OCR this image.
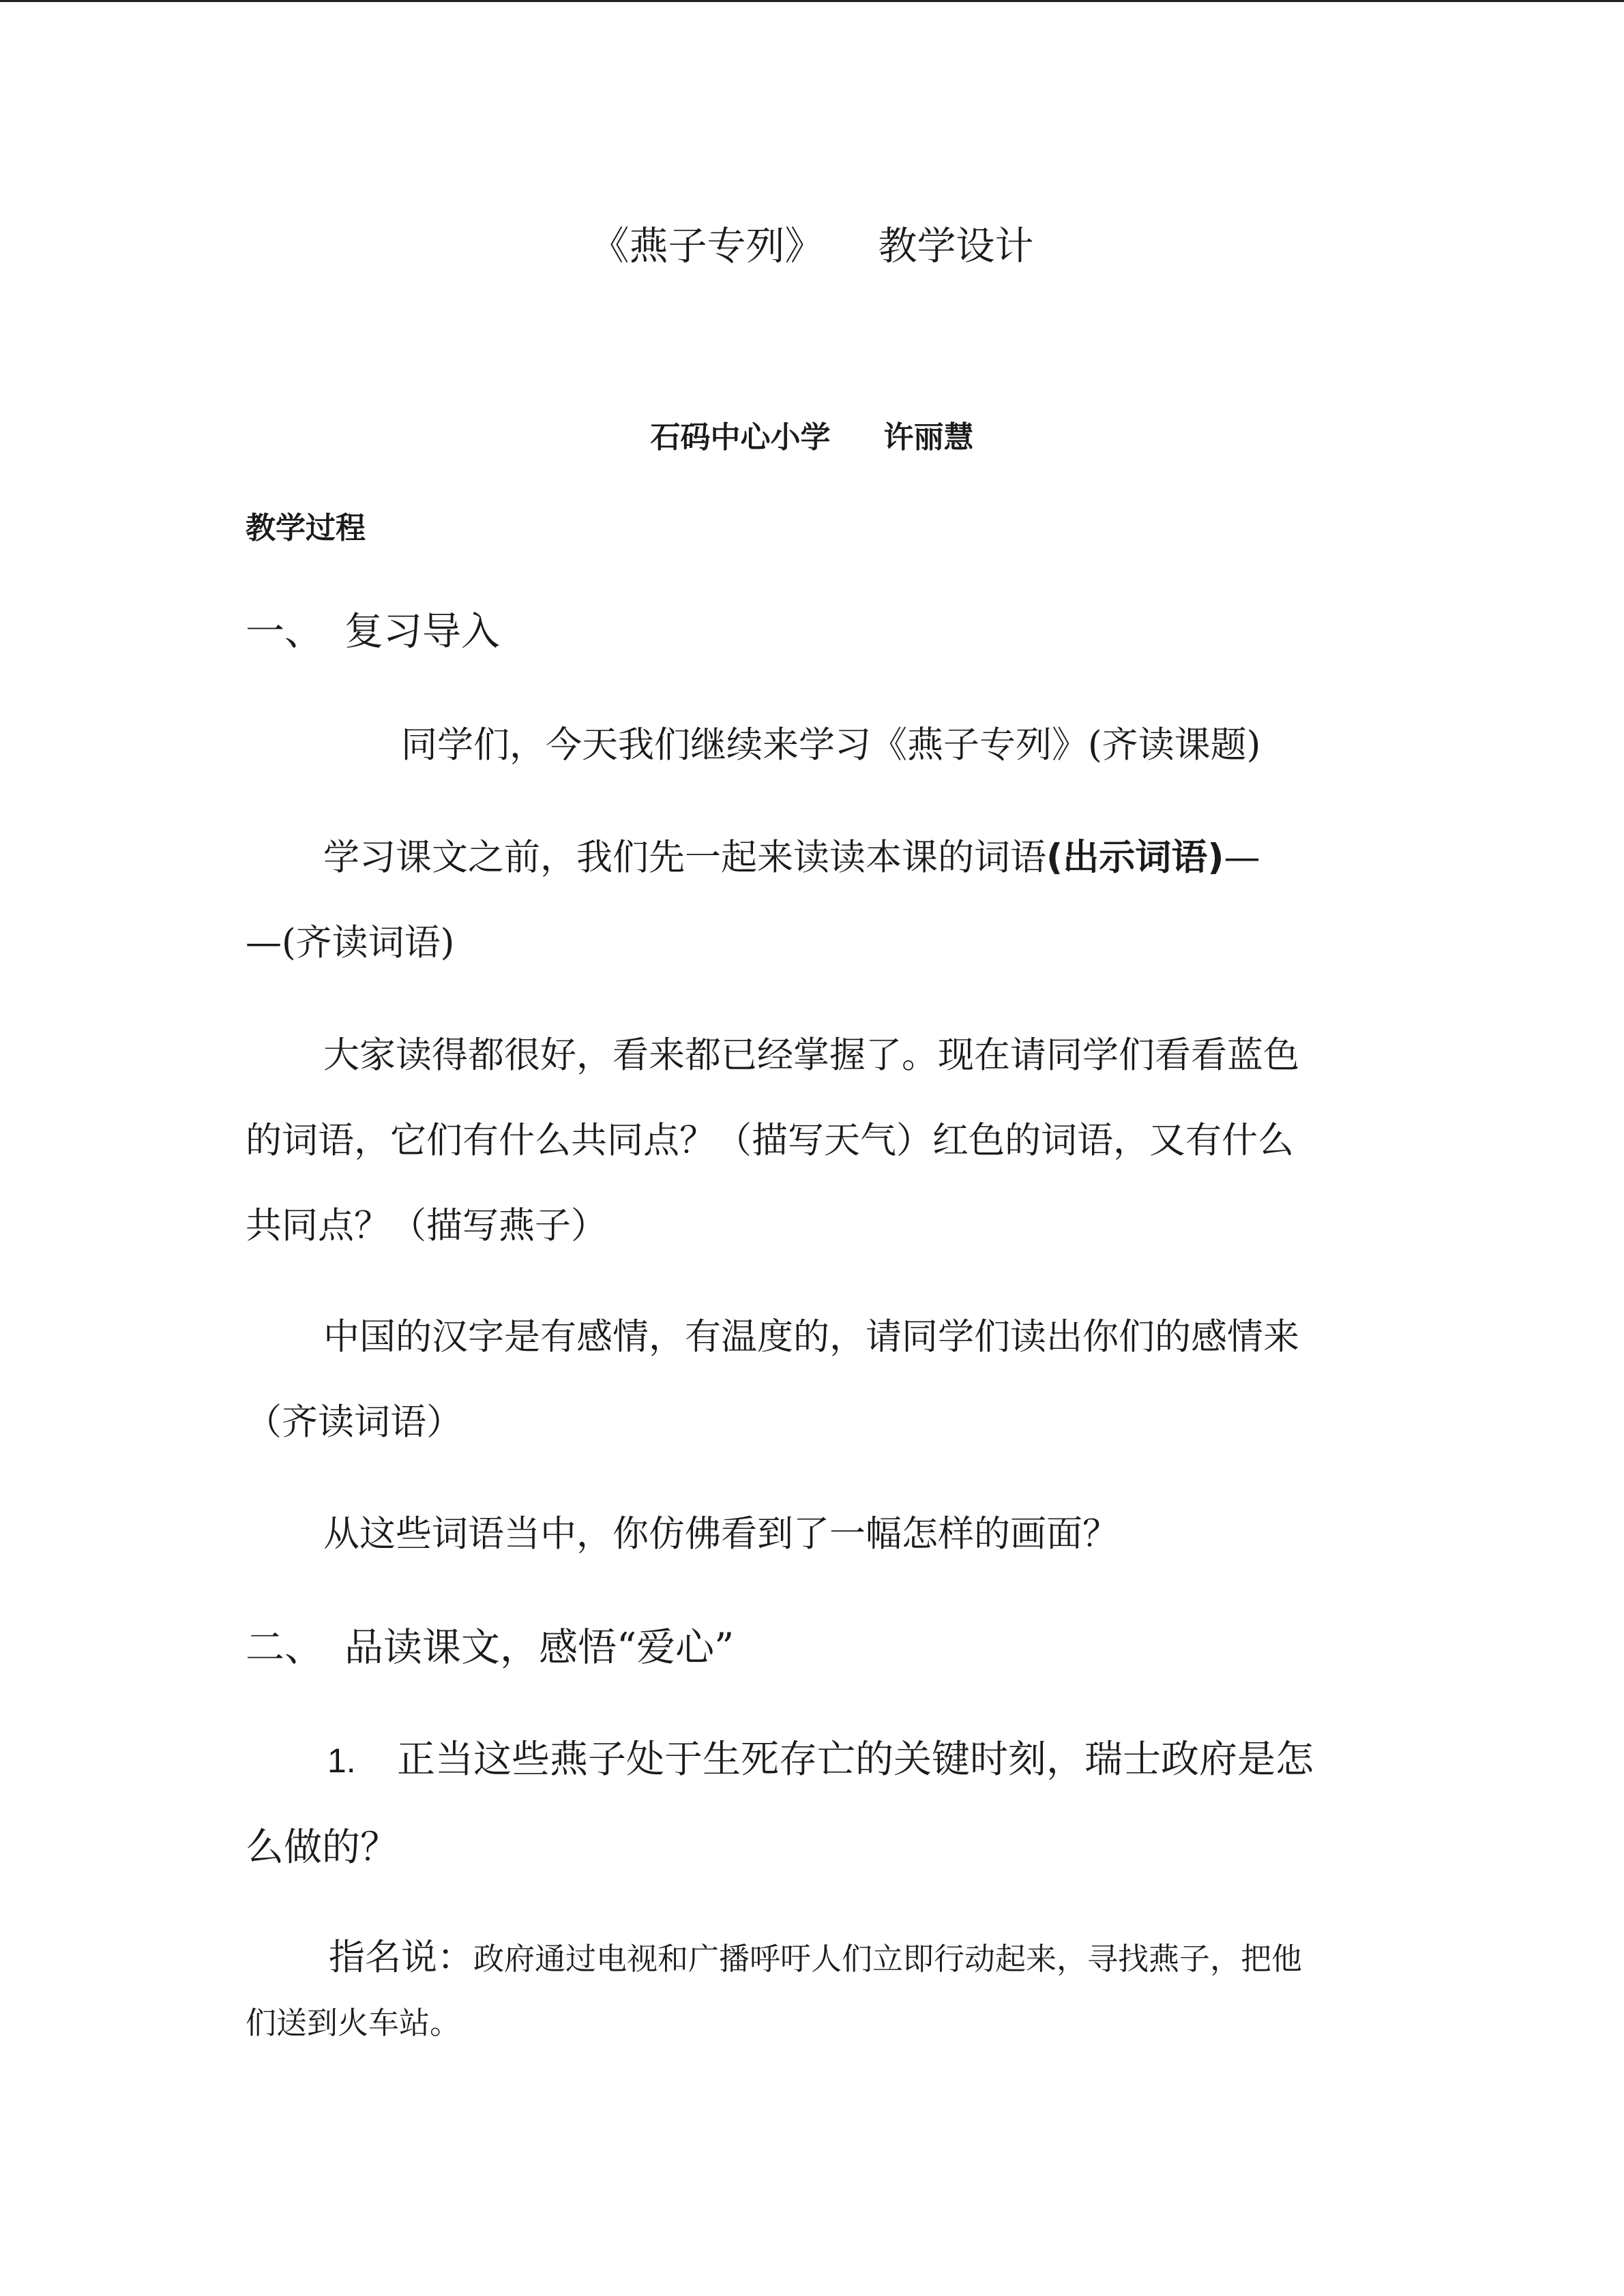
《燕子专列》 教学设计
石码中心小学 许丽慧
教学过程
一、 复习导入
同学们，今天我们继续来学习《燕子专列》(齐读课题)
学习课文之前，我们先一起来读读本课的词语(出示词语)—
—(齐读词语)
大家读得都很好，看来都已经掌握了。现在请同学们看看蓝色
的词语，它们有什么共同点？（描写天气）红色的词语，又有什么
共同点？（描写燕子）
中国的汉字是有感情，有温度的，请同学们读出你们的感情来
（齐读词语）
从这些词语当中，你仿佛看到了一幅怎样的画面？
二、 品读课文，感悟“爱心”
1. 正当这些燕子处于生死存亡的关键时刻，瑞士政府是怎
么做的？
指名说：政府通过电视和广播呼吁人们立即行动起来，寻找燕子，把他
们送到火车站。
